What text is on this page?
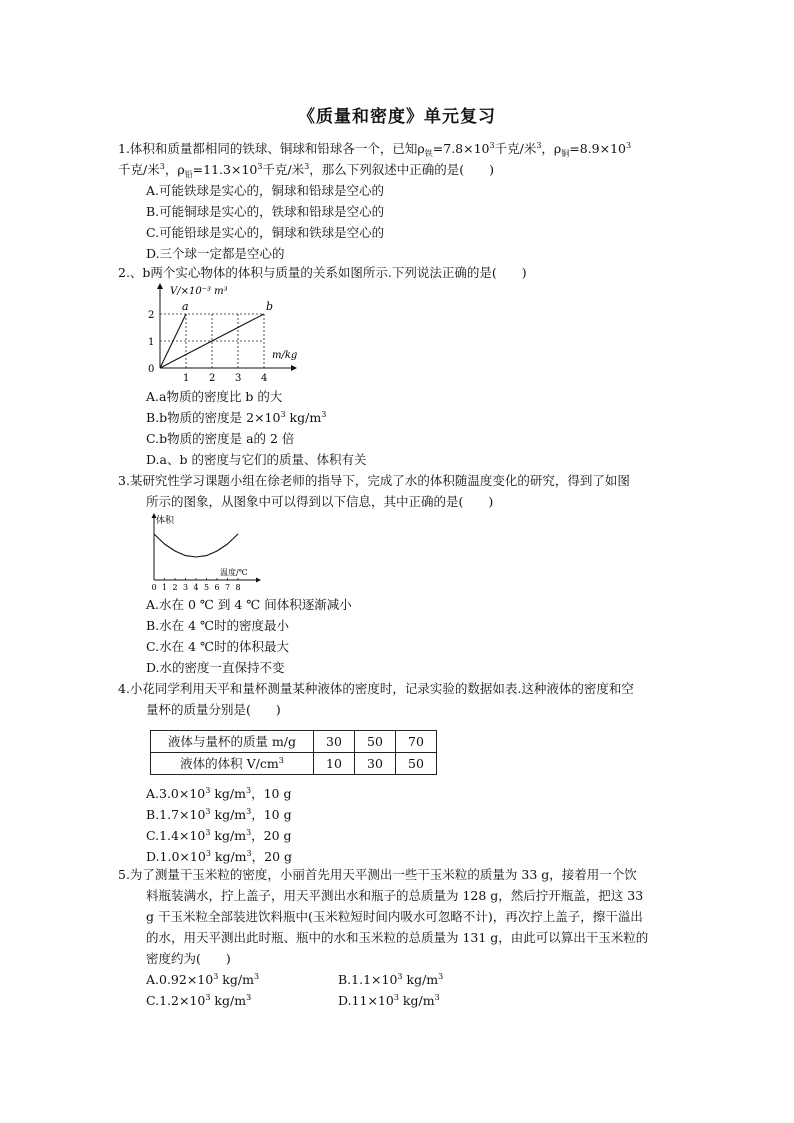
《质量和密度》单元复习

1.体积和质量都相同的铁球、铜球和铅球各一个，已知$\rho_铁=7.8\times 10^3$千克/米$^3$，$\rho_铜=8.9\times 10^3$

千克/米$^3$，$\rho_铅=11.3\times 10^3$千克/米$^3$，那么下列叙述中正确的是(　　)

A.可能铁球是实心的，铜球和铅球是空心的

B.可能铜球是实心的，铁球和铅球是空心的

C.可能铅球是实心的，铜球和铁球是空心的

D.三个球一定都是空心的

2.、b两个实心物体的体积与质量的关系如图所示.下列说法正确的是(　　)

1 2 3 4
0
1
2
V/×10⁻³ m³
m/kg
a	b

A.a物质的密度比 b 的大

B.b物质的密度是 $2\times 10^3$ $kg/m^3$

C.b物质的密度是 a的 2 倍

D.a、b 的密度与它们的质量、体积有关

3.某研究性学习课题小组在徐老师的指导下，完成了水的体积随温度变化的研究，得到了如图

所示的图象，从图象中可以得到以下信息，其中正确的是(　　)

0 1 2 3 4 5 6 7 8
体积
温度/℃

A.水在 0 ℃ 到 4 ℃ 间体积逐渐减小

B.水在 4 ℃时的密度最小

C.水在 4 ℃时的体积最大

D.水的密度一直保持不变

4.小花同学利用天平和量杯测量某种液体的密度时，记录实验的数据如表.这种液体的密度和空

量杯的质量分别是(　　)

液体与量杯的质量 m/g	30	50	70
液体的体积 $V/cm^3$	10	30	50

$A.3.0\times 10^3$ $kg/m^3$，10 g

$B.1.7\times 10^3$ $kg/m^3$，10 g

$C.1.4\times 10^3$ $kg/m^3$，20 g

$D.1.0\times 10^3$ $kg/m^3$，20 g

5.为了测量干玉米粒的密度，小丽首先用天平测出一些干玉米粒的质量为 33 g，接着用一个饮

料瓶装满水，拧上盖子，用天平测出水和瓶子的总质量为 128 g，然后拧开瓶盖，把这 33

g 干玉米粒全部装进饮料瓶中(玉米粒短时间内吸水可忽略不计)，再次拧上盖子，擦干溢出

的水，用天平测出此时瓶、瓶中的水和玉米粒的总质量为 131 g，由此可以算出干玉米粒的

密度约为(　　)

$A.0.92\times 10^3$ $kg/m^3$	$B.1.1\times 10^3$ $kg/m^3$
$C.1.2\times 10^3$ $kg/m^3$	$D.11\times 10^3$ $kg/m^3$
